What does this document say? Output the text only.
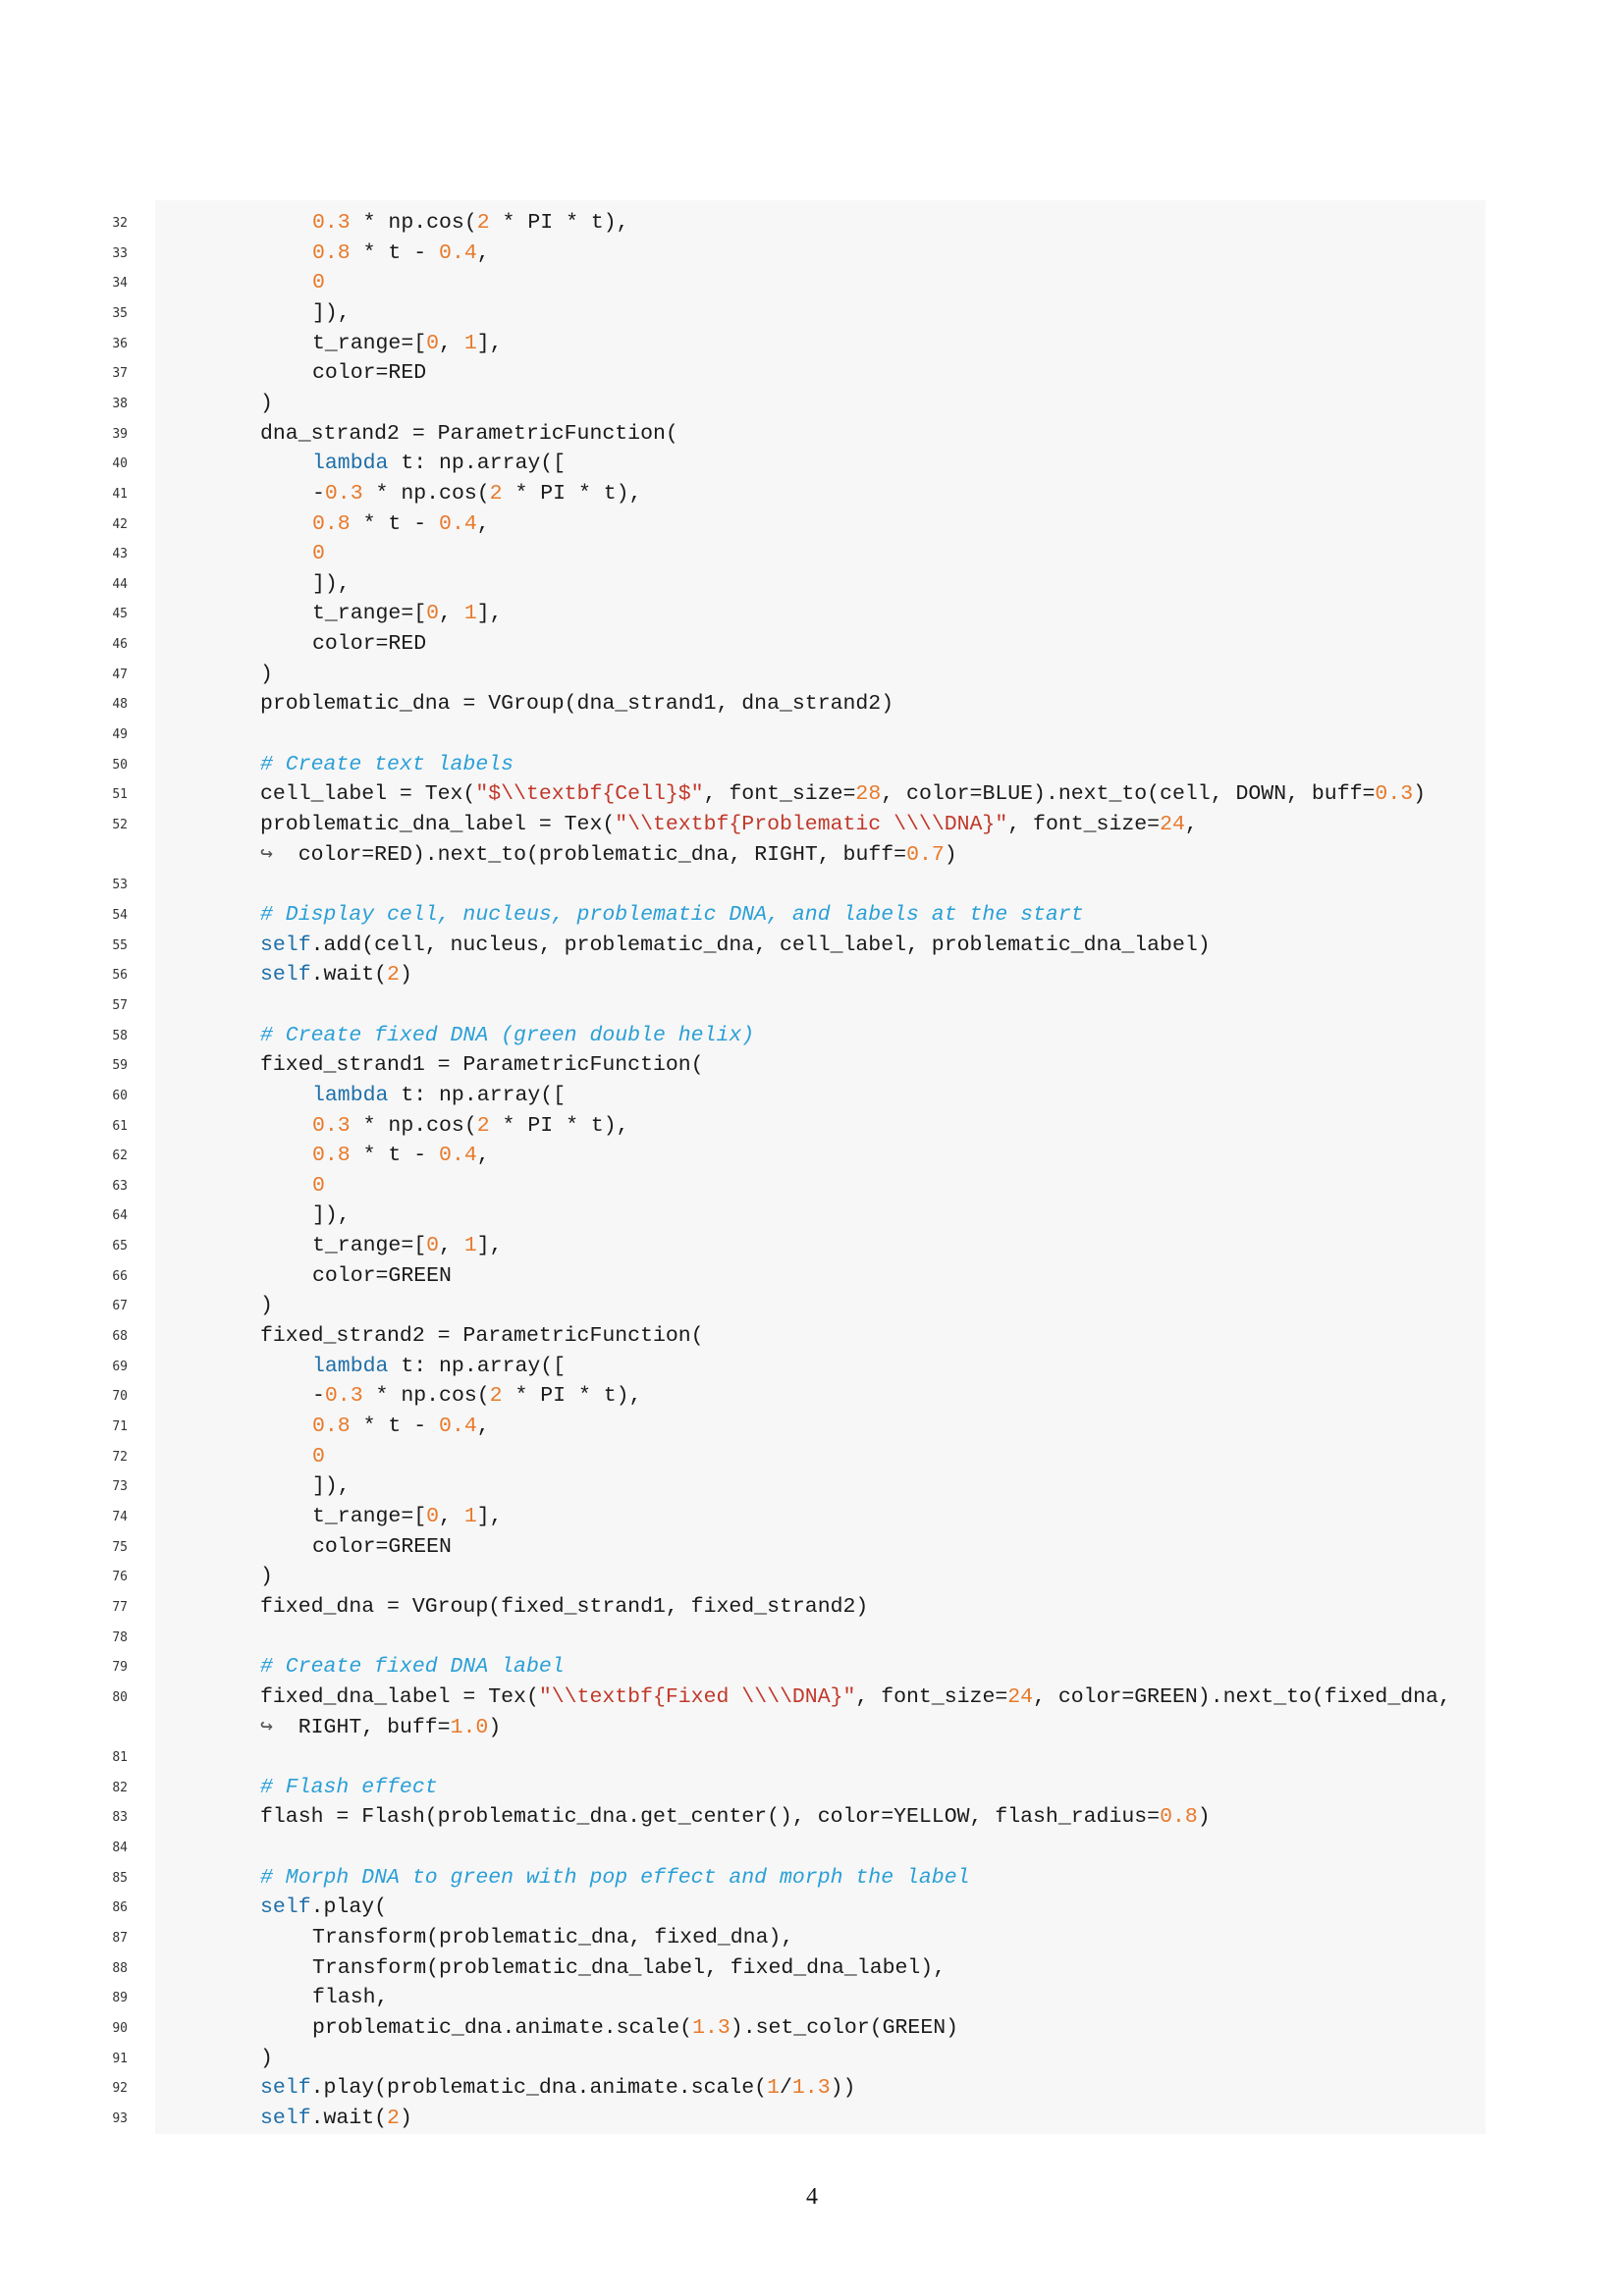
32
33
34
35
36
37
38
39
40
41
42
43
44
45
46
47
48
49
50
51
52
53
54
55
56
57
58
59
60
61
62
63
64
65
66
67
68
69
70
71
72
73
74
75
76
77
78
79
80
81
82
83
84
85
86
87
88
89
90
91
92
93
0.3 * np.cos(2 * PI * t),
0.8 * t - 0.4,
0
]),
t_range=[0, 1],
color=RED
)
dna_strand2 = ParametricFunction(
lambda t: np.array([
-0.3 * np.cos(2 * PI * t),
0.8 * t - 0.4,
0
]),
t_range=[0, 1],
color=RED
)
problematic_dna = VGroup(dna_strand1, dna_strand2)
# Create text labels
cell_label = Tex("$\\textbf{Cell}$", font_size=28, color=BLUE).next_to(cell, DOWN, buff=0.3)
problematic_dna_label = Tex("\\textbf{Problematic \\\\DNA}", font_size=24,
↪  color=RED).next_to(problematic_dna, RIGHT, buff=0.7)
# Display cell, nucleus, problematic DNA, and labels at the start
self.add(cell, nucleus, problematic_dna, cell_label, problematic_dna_label)
self.wait(2)
# Create fixed DNA (green double helix)
fixed_strand1 = ParametricFunction(
lambda t: np.array([
0.3 * np.cos(2 * PI * t),
0.8 * t - 0.4,
0
]),
t_range=[0, 1],
color=GREEN
)
fixed_strand2 = ParametricFunction(
lambda t: np.array([
-0.3 * np.cos(2 * PI * t),
0.8 * t - 0.4,
0
]),
t_range=[0, 1],
color=GREEN
)
fixed_dna = VGroup(fixed_strand1, fixed_strand2)
# Create fixed DNA label
fixed_dna_label = Tex("\\textbf{Fixed \\\\DNA}", font_size=24, color=GREEN).next_to(fixed_dna,
↪  RIGHT, buff=1.0)
# Flash effect
flash = Flash(problematic_dna.get_center(), color=YELLOW, flash_radius=0.8)
# Morph DNA to green with pop effect and morph the label
self.play(
Transform(problematic_dna, fixed_dna),
Transform(problematic_dna_label, fixed_dna_label),
flash,
problematic_dna.animate.scale(1.3).set_color(GREEN)
)
self.play(problematic_dna.animate.scale(1/1.3))
self.wait(2)
4
